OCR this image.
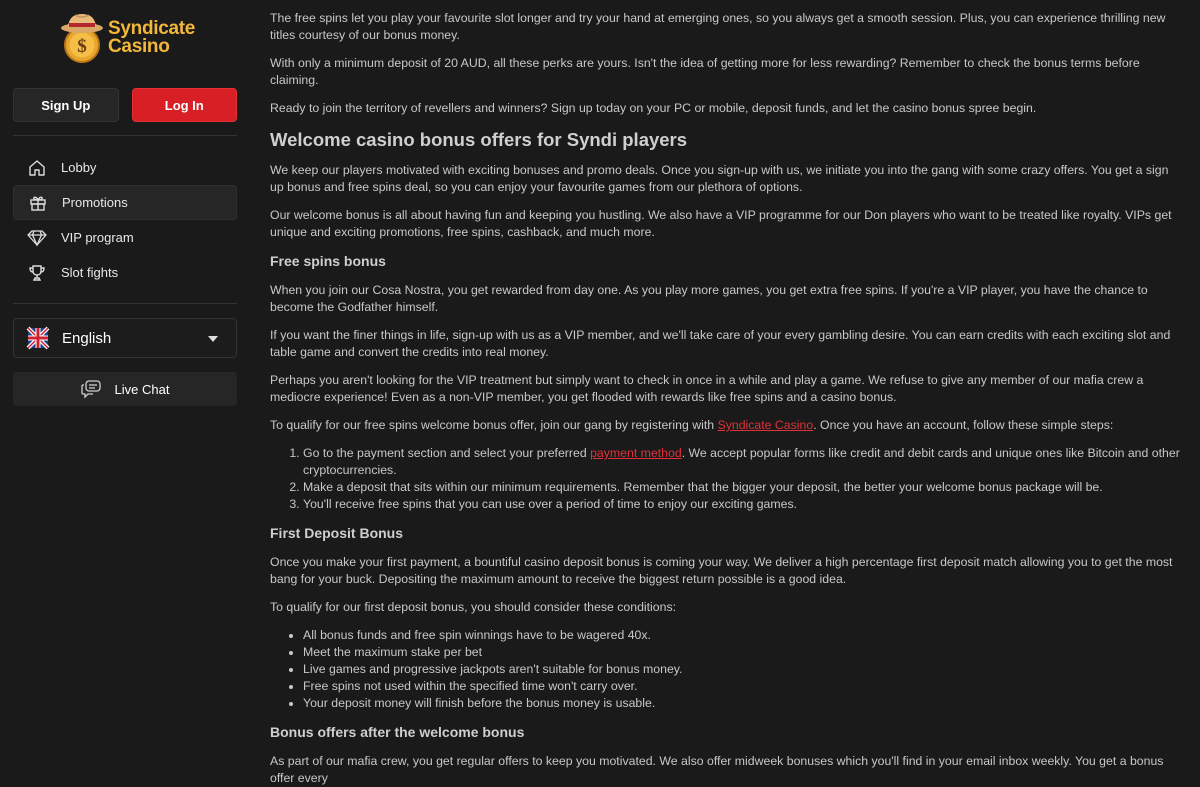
$
Syndicate
Casino
Sign Up	Log In
Lobby
Promotions
VIP program
Slot fights
English
Live Chat

The free spins let you play your favourite slot longer and try your hand at emerging ones, so you always get a smooth session. Plus, you can experience thrilling new titles courtesy of our bonus money.

With only a minimum deposit of 20 AUD, all these perks are yours. Isn't the idea of getting more for less rewarding? Remember to check the bonus terms before claiming.

Ready to join the territory of revellers and winners? Sign up today on your PC or mobile, deposit funds, and let the casino bonus spree begin.

Welcome casino bonus offers for Syndi players

We keep our players motivated with exciting bonuses and promo deals. Once you sign-up with us, we initiate you into the gang with some crazy offers. You get a sign up bonus and free spins deal, so you can enjoy your favourite games from our plethora of options.

Our welcome bonus is all about having fun and keeping you hustling. We also have a VIP programme for our Don players who want to be treated like royalty. VIPs get unique and exciting promotions, free spins, cashback, and much more.

Free spins bonus

When you join our Cosa Nostra, you get rewarded from day one. As you play more games, you get extra free spins. If you're a VIP player, you have the chance to become the Godfather himself.

If you want the finer things in life, sign-up with us as a VIP member, and we'll take care of your every gambling desire. You can earn credits with each exciting slot and table game and convert the credits into real money.

Perhaps you aren't looking for the VIP treatment but simply want to check in once in a while and play a game. We refuse to give any member of our mafia crew a mediocre experience! Even as a non-VIP member, you get flooded with rewards like free spins and a casino bonus.

To qualify for our free spins welcome bonus offer, join our gang by registering with Syndicate Casino. Once you have an account, follow these simple steps:

1. Go to the payment section and select your preferred payment method. We accept popular forms like credit and debit cards and unique ones like Bitcoin and other cryptocurrencies.
2. Make a deposit that sits within our minimum requirements. Remember that the bigger your deposit, the better your welcome bonus package will be.
3. You'll receive free spins that you can use over a period of time to enjoy our exciting games.
First Deposit Bonus

Once you make your first payment, a bountiful casino deposit bonus is coming your way. We deliver a high percentage first deposit match allowing you to get the most bang for your buck. Depositing the maximum amount to receive the biggest return possible is a good idea.

To qualify for our first deposit bonus, you should consider these conditions:

• All bonus funds and free spin winnings have to be wagered 40x.
• Meet the maximum stake per bet
• Live games and progressive jackpots aren't suitable for bonus money.
• Free spins not used within the specified time won't carry over.
• Your deposit money will finish before the bonus money is usable.
Bonus offers after the welcome bonus

As part of our mafia crew, you get regular offers to keep you motivated. We also offer midweek bonuses which you'll find in your email inbox weekly. You get a bonus offer every
